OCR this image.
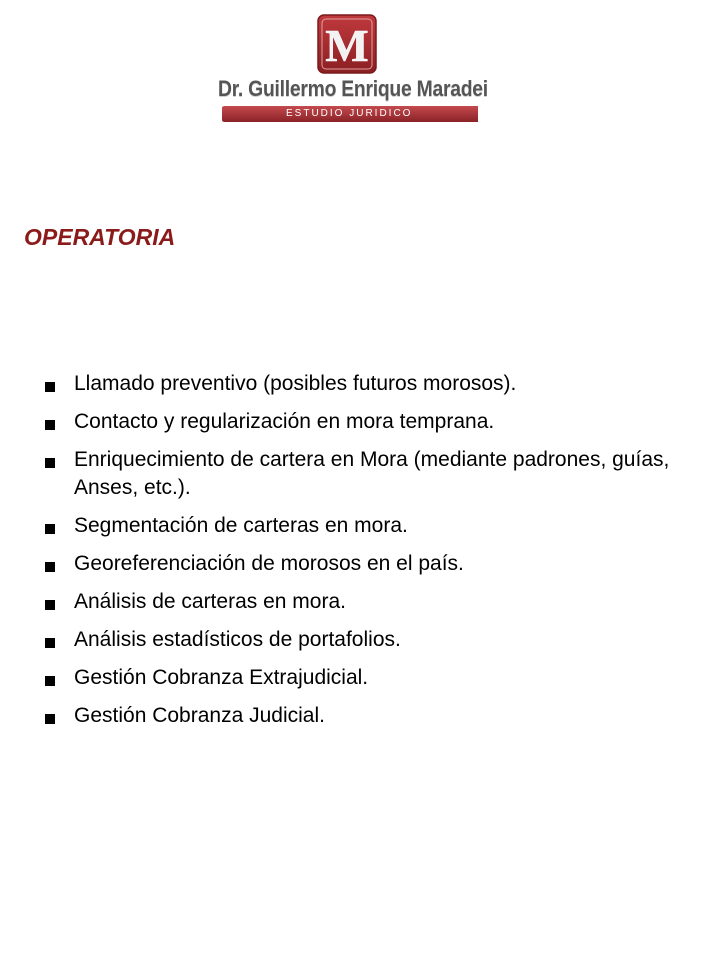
M
Dr. Guillermo Enrique Maradei
ESTUDIO JURIDICO
OPERATORIA
Llamado preventivo (posibles futuros morosos).
Contacto y regularización en mora temprana.
Enriquecimiento de cartera en Mora (mediante padrones, guías, Anses, etc.).
Segmentación de carteras en mora.
Georeferenciación de morosos en el país.
Análisis de carteras en mora.
Análisis estadísticos de portafolios.
Gestión Cobranza Extrajudicial.
Gestión Cobranza Judicial.
